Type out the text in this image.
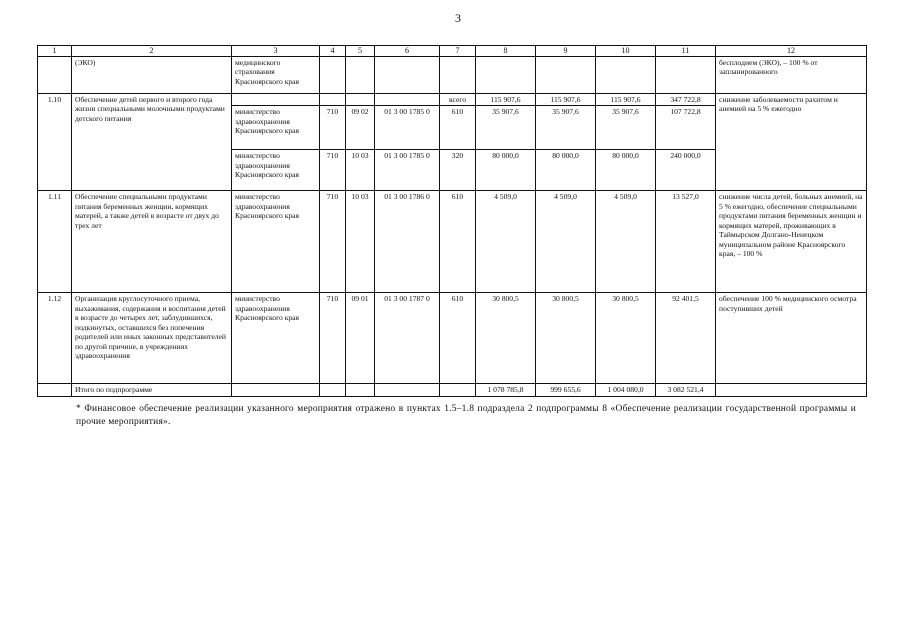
3
1	2	3	4	5	6	7	8	9	10	11	12
	(ЭКО)	медицинского страхования Красноярского края									бесплодием (ЭКО), – 100 % от запланированного
1.10	Обеспечение детей первого и второго года жизни специальными молочными продуктами детского питания					всего	115 907,6	115 907,6	115 907,6	347 722,8	снижение заболеваемости рахитом и анемией на 5 % ежегодно
		министерство здравоохранения Красноярского края	710	09 02	01 3 00 1785 0	610	35 907,6	35 907,6	35 907,6	107 722,8	
		министерство здравоохранения Красноярского края	710	10 03	01 3 00 1785 0	320	80 000,0	80 000,0	80 000,0	240 000,0	
1.11	Обеспечение специальными продуктами питания беременных женщин, кормящих матерей, а также детей в возрасте от двух до трех лет	министерство здравоохранения Красноярского края	710	10 03	01 3 00 1786 0	610	4 509,0	4 509,0	4 509,0	13 527,0	снижение числа детей, больных анемией, на 5 % ежегодно, обеспечение специальными продуктами питания беременных женщин и кормящих матерей, проживающих в Таймырском Долгано-Ненецком муниципальном районе Красноярского края, – 100 %
1.12	Организация круглосуточного приема, выхаживания, содержания и воспитания детей в возрасте до четырех лет, заблудившихся, подкинутых, оставшихся без попечения родителей или иных законных представителей по другой причине, в учреждениях здравоохранения	министерство здравоохранения Красноярского края	710	09 01	01 3 00 1787 0	610	30 800,5	30 800,5	30 800,5	92 401,5	обеспечение 100 % медицинского осмотра поступивших детей
	Итого по подпрограмме						1 078 785,8	999 655,6	1 004 080,0	3 082 521,4	
* Финансовое обеспечение реализации указанного мероприятия отражено в пунктах 1.5–1.8 подраздела 2 подпрограммы 8 «Обеспечение реализации государственной программы и прочие мероприятия».
